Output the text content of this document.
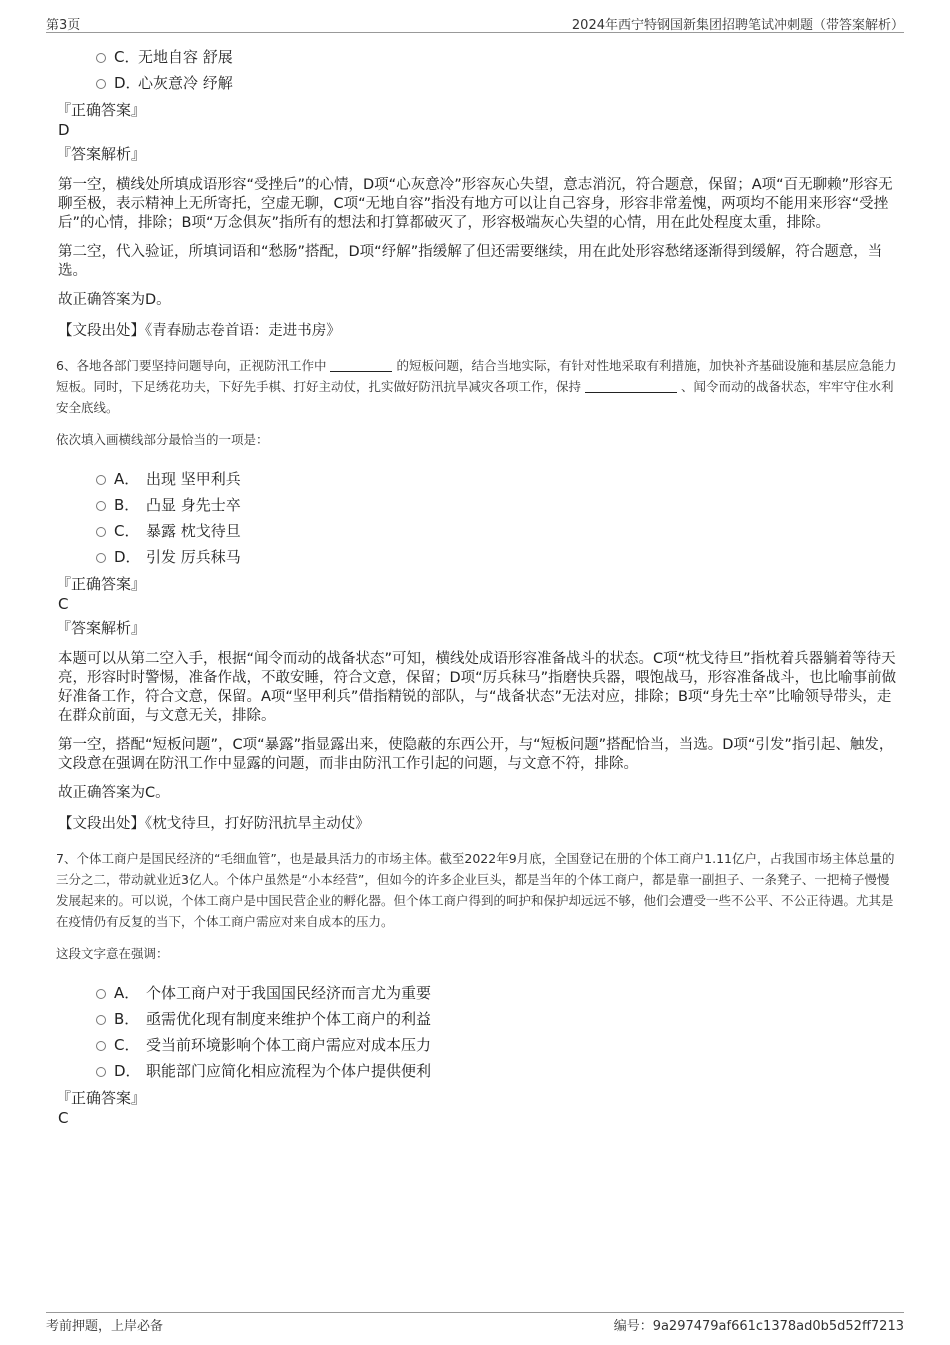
第3页	2024年西宁特钢国新集团招聘笔试冲刺题（带答案解析）
C．
无地自容 舒展
D．
心灰意冷 纾解
『正确答案』
D
『答案解析』

第一空，横线处所填成语形容“受挫后”的心情，D项“心灰意冷”形容灰心失望，意志消沉，符合题意，保留；A项“百无聊赖”形容无聊至极，表示精神上无所寄托，空虚无聊，C项“无地自容”指没有地方可以让自己容身，形容非常羞愧，两项均不能用来形容“受挫后”的心情，排除；B项“万念俱灰”指所有的想法和打算都破灭了，形容极端灰心失望的心情，用在此处程度太重，排除。

第二空，代入验证，所填词语和“愁肠”搭配，D项“纾解”指缓解了但还需要继续，用在此处形容愁绪逐渐得到缓解，符合题意，当选。

故正确答案为D。

【文段出处】《青春励志卷首语：走进书房》

6、各地各部门要坚持问题导向，正视防汛工作中	的短板问题，结合当地实际，有针对性地采取有利措施，加快补齐基础设施和基层应急能力短板。同时，下足绣花功夫，下好先手棋、打好主动仗，扎实做好防汛抗旱减灾各项工作，保持	、闻令而动的战备状态，牢牢守住水利安全底线。
依次填入画横线部分最恰当的一项是：
A． 出现 坚甲利兵
B． 凸显 身先士卒
C． 暴露 枕戈待旦
D． 引发 厉兵秣马
『正确答案』
C
『答案解析』

本题可以从第二空入手，根据“闻令而动的战备状态”可知，横线处成语形容准备战斗的状态。C项“枕戈待旦”指枕着兵器躺着等待天亮，形容时时警惕，准备作战，不敢安睡，符合文意，保留；D项“厉兵秣马”指磨快兵器，喂饱战马，形容准备战斗，也比喻事前做好准备工作，符合文意，保留。A项“坚甲利兵”借指精锐的部队，与“战备状态”无法对应，排除；B项“身先士卒”比喻领导带头，走在群众前面，与文意无关，排除。

第一空，搭配“短板问题”，C项“暴露”指显露出来，使隐蔽的东西公开，与“短板问题”搭配恰当，当选。D项“引发”指引起、触发，文段意在强调在防汛工作中显露的问题，而非由防汛工作引起的问题，与文意不符，排除。

故正确答案为C。

【文段出处】《枕戈待旦，打好防汛抗旱主动仗》

7、个体工商户是国民经济的“毛细血管”，也是最具活力的市场主体。截至2022年9月底，全国登记在册的个体工商户1.11亿户，占我国市场主体总量的三分之二，带动就业近3亿人。个体户虽然是“小本经营”，但如今的许多企业巨头，都是当年的个体工商户，都是靠一副担子、一条凳子、一把椅子慢慢发展起来的。可以说，个体工商户是中国民营企业的孵化器。但个体工商户得到的呵护和保护却远远不够，他们会遭受一些不公平、不公正待遇。尤其是在疫情仍有反复的当下，个体工商户需应对来自成本的压力。
这段文字意在强调：
A． 个体工商户对于我国国民经济而言尤为重要
B． 亟需优化现有制度来维护个体工商户的利益
C． 受当前环境影响个体工商户需应对成本压力
D． 职能部门应简化相应流程为个体户提供便利
『正确答案』
C
考前押题，上岸必备	编号：9a297479af661c1378ad0b5d52ff7213
